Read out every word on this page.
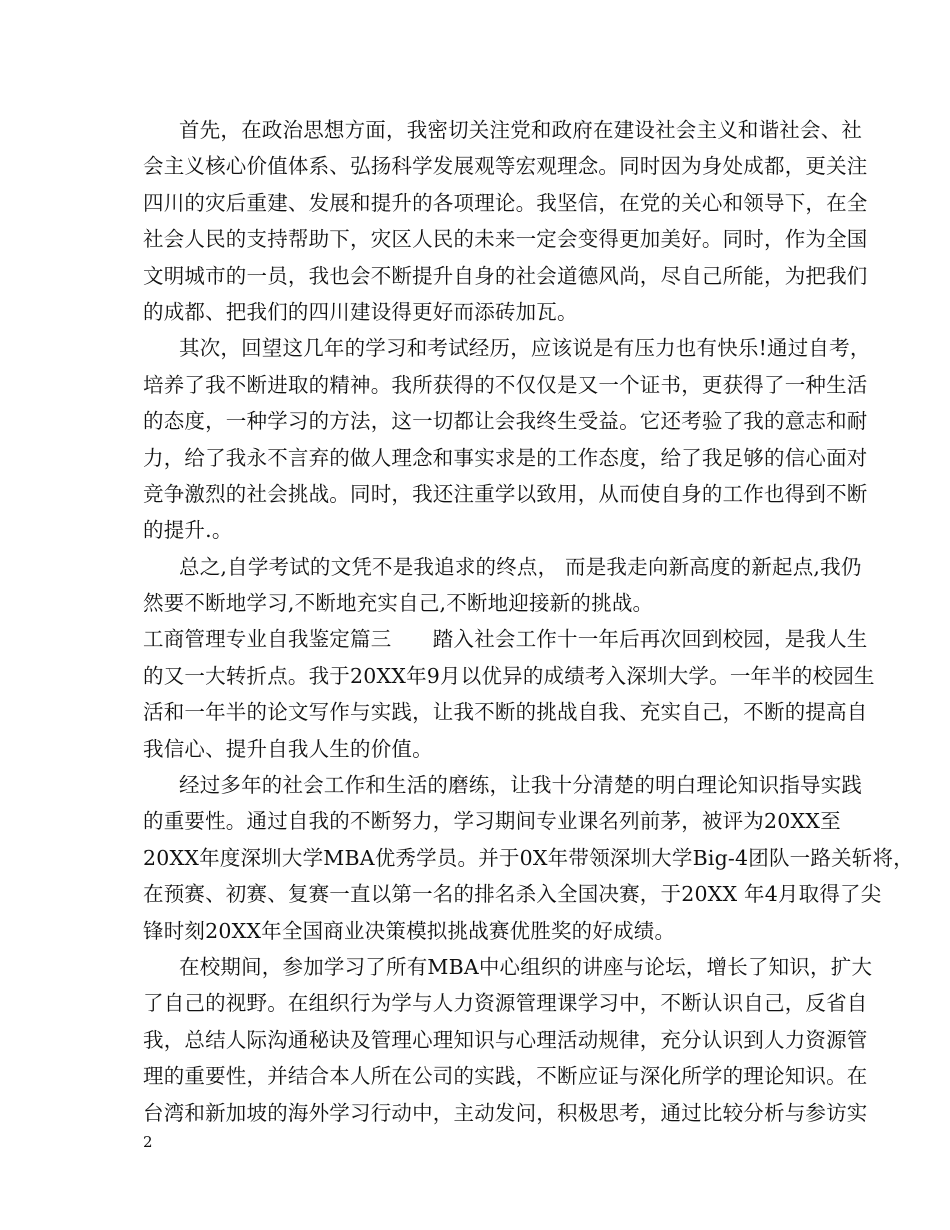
首先，在政治思想方面，我密切关注党和政府在建设社会主义和谐社会、社
会主义核心价值体系、弘扬科学发展观等宏观理念。同时因为身处成都，更关注
四川的灾后重建、发展和提升的各项理论。我坚信，在党的关心和领导下，在全
社会人民的支持帮助下，灾区人民的未来一定会变得更加美好。同时，作为全国
文明城市的一员，我也会不断提升自身的社会道德风尚，尽自己所能，为把我们
的成都、把我们的四川建设得更好而添砖加瓦。
其次，回望这几年的学习和考试经历，应该说是有压力也有快乐!通过自考，
培养了我不断进取的精神。我所获得的不仅仅是又一个证书，更获得了一种生活
的态度，一种学习的方法，这一切都让会我终生受益。它还考验了我的意志和耐
力，给了我永不言弃的做人理念和事实求是的工作态度，给了我足够的信心面对
竞争激烈的社会挑战。同时，我还注重学以致用，从而使自身的工作也得到不断
的提升.。
总之,自学考试的文凭不是我追求的终点， 而是我走向新高度的新起点,我仍
然要不断地学习,不断地充实自己,不断地迎接新的挑战。
工商管理专业自我鉴定篇三　　踏入社会工作十一年后再次回到校园，是我人生
的又一大转折点。我于20XX年9月以优异的成绩考入深圳大学。一年半的校园生
活和一年半的论文写作与实践，让我不断的挑战自我、充实自己，不断的提高自
我信心、提升自我人生的价值。
经过多年的社会工作和生活的磨练，让我十分清楚的明白理论知识指导实践
的重要性。通过自我的不断努力，学习期间专业课名列前茅，被评为20XX至
20XX年度深圳大学MBA优秀学员。并于0X年带领深圳大学Big-4团队一路关斩将，
在预赛、初赛、复赛一直以第一名的排名杀入全国决赛，于20XX 年4月取得了尖
锋时刻20XX年全国商业决策模拟挑战赛优胜奖的好成绩。
在校期间，参加学习了所有MBA中心组织的讲座与论坛，增长了知识，扩大
了自己的视野。在组织行为学与人力资源管理课学习中，不断认识自己，反省自
我，总结人际沟通秘诀及管理心理知识与心理活动规律，充分认识到人力资源管
理的重要性，并结合本人所在公司的实践，不断应证与深化所学的理论知识。在
台湾和新加坡的海外学习行动中，主动发问，积极思考，通过比较分析与参访实
2
